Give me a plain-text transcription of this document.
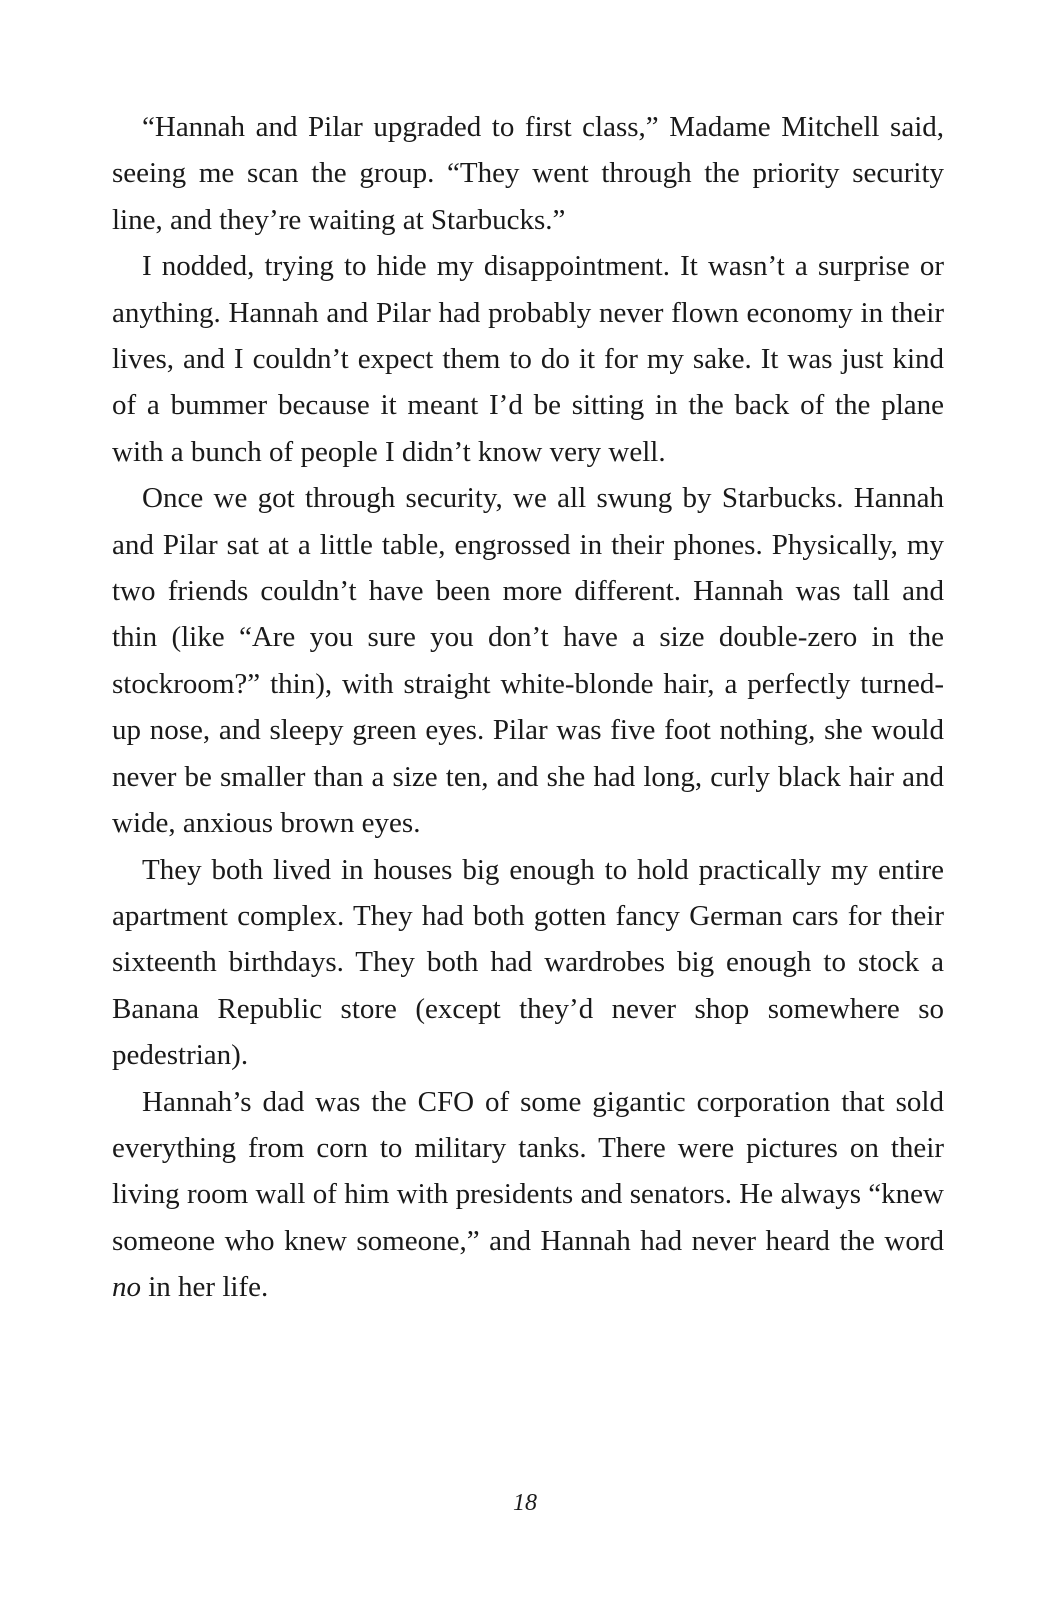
“Hannah and Pilar upgraded to first class,” Madame Mitchell said, seeing me scan the group. “They went through the priority security line, and they’re waiting at Starbucks.”

I nodded, trying to hide my disappointment. It wasn’t a surprise or anything. Hannah and Pilar had probably never flown economy in their lives, and I couldn’t expect them to do it for my sake. It was just kind of a bummer because it meant I’d be sitting in the back of the plane with a bunch of people I didn’t know very well.

Once we got through security, we all swung by Starbucks. Hannah and Pilar sat at a little table, engrossed in their phones. Physically, my two friends couldn’t have been more different. Hannah was tall and thin (like “Are you sure you don’t have a size double-zero in the stockroom?” thin), with straight white-blonde hair, a perfectly turned-up nose, and sleepy green eyes. Pilar was five foot nothing, she would never be smaller than a size ten, and she had long, curly black hair and wide, anxious brown eyes.

They both lived in houses big enough to hold practically my entire apartment complex. They had both gotten fancy German cars for their sixteenth birthdays. They both had wardrobes big enough to stock a Banana Republic store (except they’d never shop somewhere so pedestrian).

Hannah’s dad was the CFO of some gigantic corporation that sold everything from corn to military tanks. There were pictures on their living room wall of him with presidents and senators. He always “knew someone who knew someone,” and Hannah had never heard the word no in her life.

18
